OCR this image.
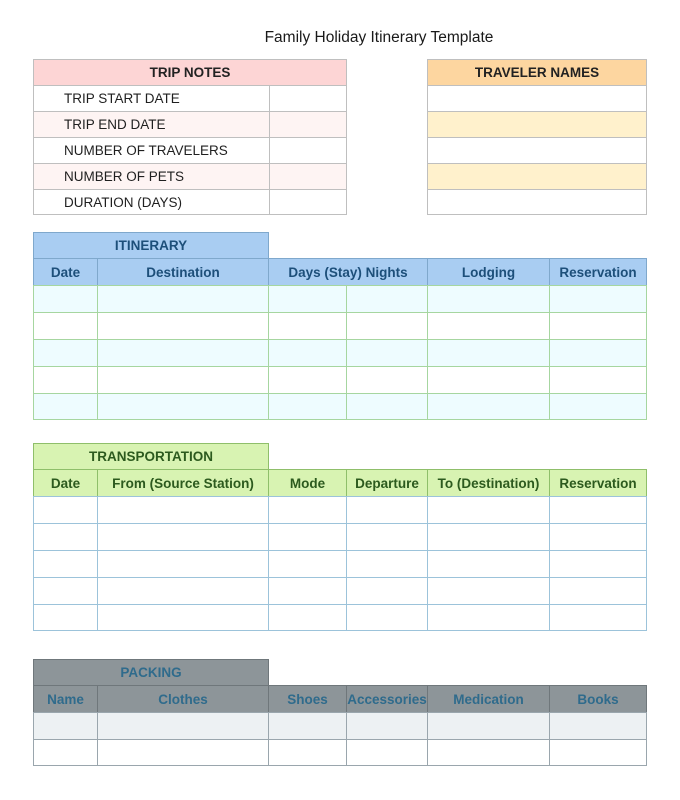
Family Holiday Itinerary Template
TRIP NOTES
TRIP START DATE
TRIP END DATE
NUMBER OF TRAVELERS
NUMBER OF PETS
DURATION (DAYS)
TRAVELER NAMES
ITINERARY
Date	Destination	Days (Stay) Nights	Lodging	Reservation
TRANSPORTATION
Date	From (Source Station)	Mode	Departure	To (Destination)	Reservation
PACKING
Name	Clothes	Shoes	Accessories	Medication	Books
